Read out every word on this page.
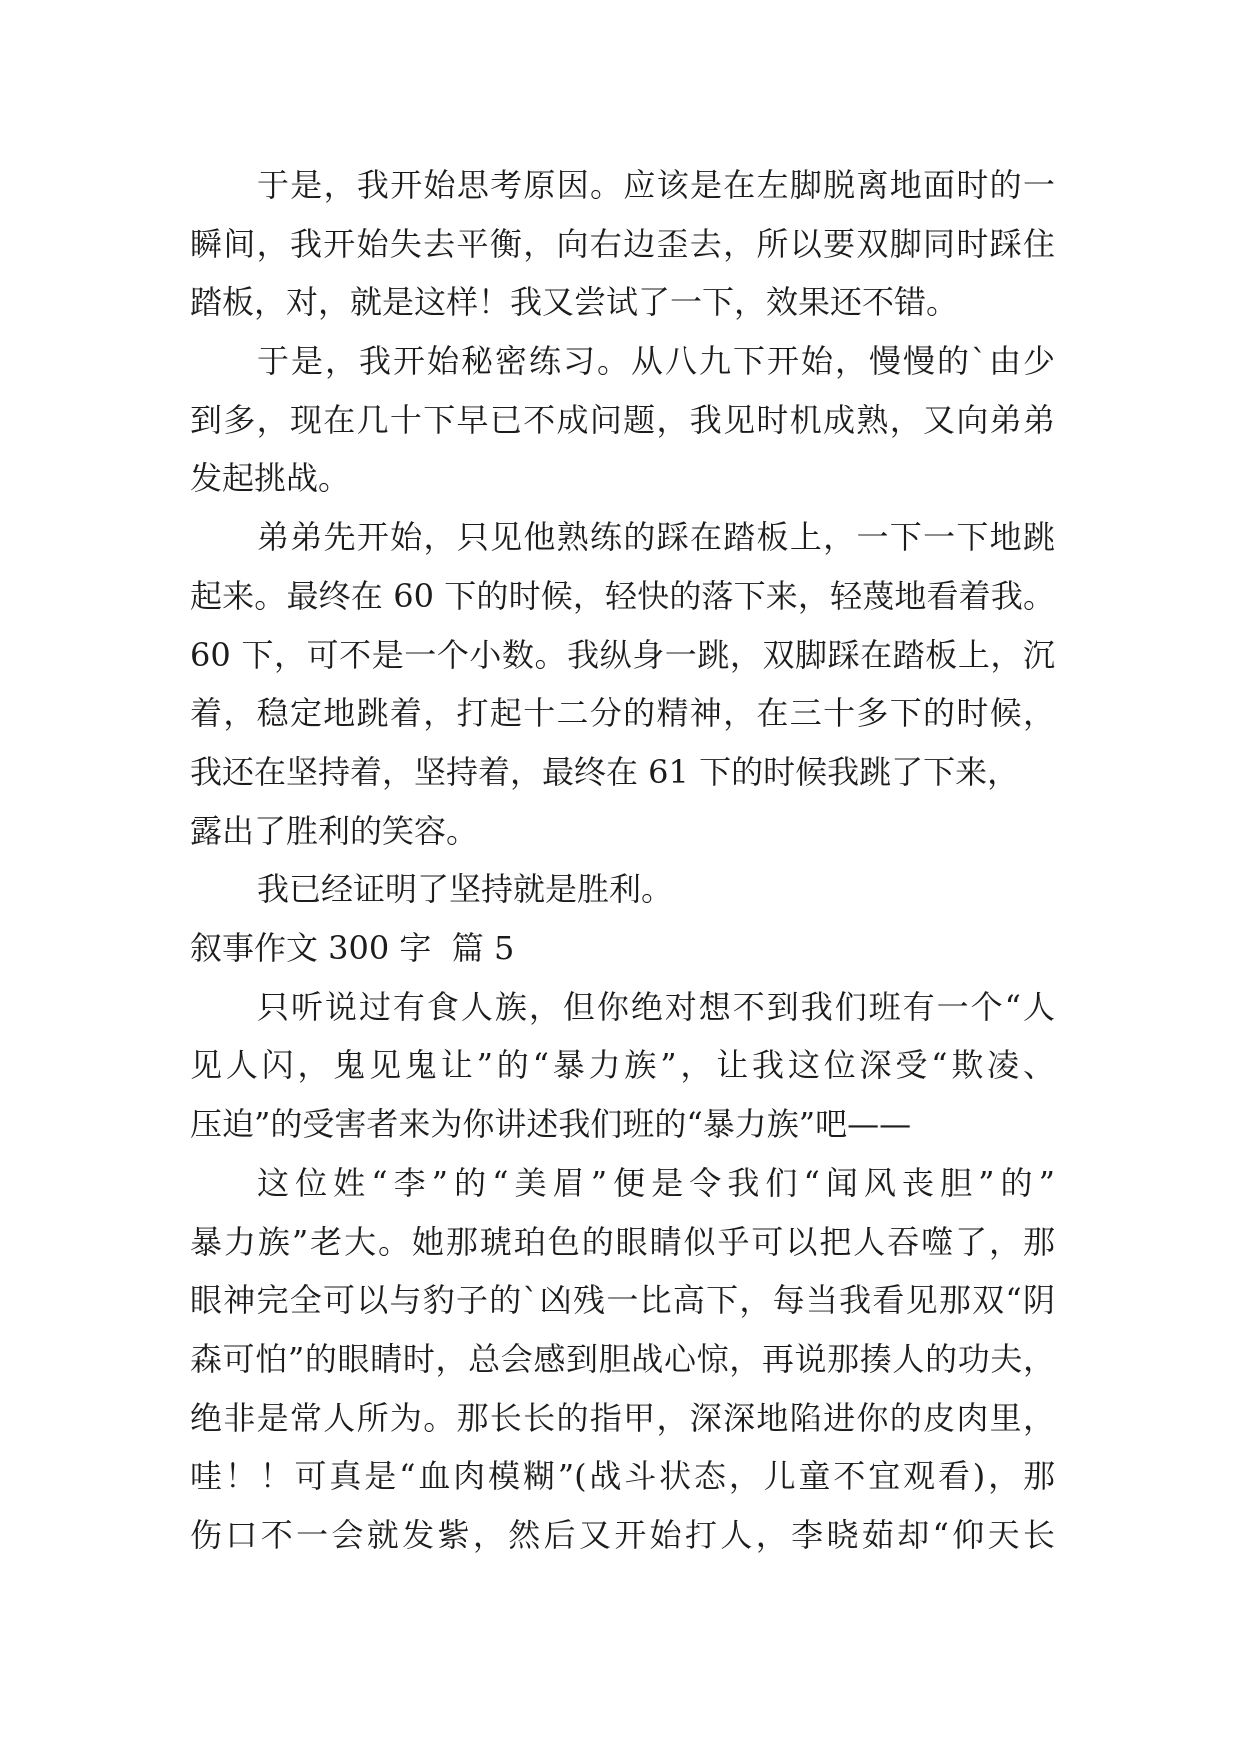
于是，我开始思考原因。应该是在左脚脱离地面时的一
瞬间，我开始失去平衡，向右边歪去，所以要双脚同时踩住
踏板，对，就是这样！我又尝试了一下，效果还不错。
于是，我开始秘密练习。从八九下开始，慢慢的`由少
到多，现在几十下早已不成问题，我见时机成熟，又向弟弟
发起挑战。
弟弟先开始，只见他熟练的踩在踏板上，一下一下地跳
起来。最终在 60 下的时候，轻快的落下来，轻蔑地看着我。
60 下，可不是一个小数。我纵身一跳，双脚踩在踏板上，沉
着，稳定地跳着，打起十二分的精神，在三十多下的时候，
我还在坚持着，坚持着，最终在 61 下的时候我跳了下来，
露出了胜利的笑容。
我已经证明了坚持就是胜利。
叙事作文 300 字  篇 5
只听说过有食人族，但你绝对想不到我们班有一个“人
见人闪，鬼见鬼让”的“暴力族”，让我这位深受“欺凌、
压迫”的受害者来为你讲述我们班的“暴力族”吧——
这位姓“李”的“美眉”便是令我们“闻风丧胆”的”
暴力族”老大。她那琥珀色的眼睛似乎可以把人吞噬了，那
眼神完全可以与豹子的`凶残一比高下，每当我看见那双“阴
森可怕”的眼睛时，总会感到胆战心惊，再说那揍人的功夫，
绝非是常人所为。那长长的指甲，深深地陷进你的皮肉里，
哇！！可真是“血肉模糊”(战斗状态，儿童不宜观看)，那
伤口不一会就发紫，然后又开始打人，李晓茹却“仰天长
